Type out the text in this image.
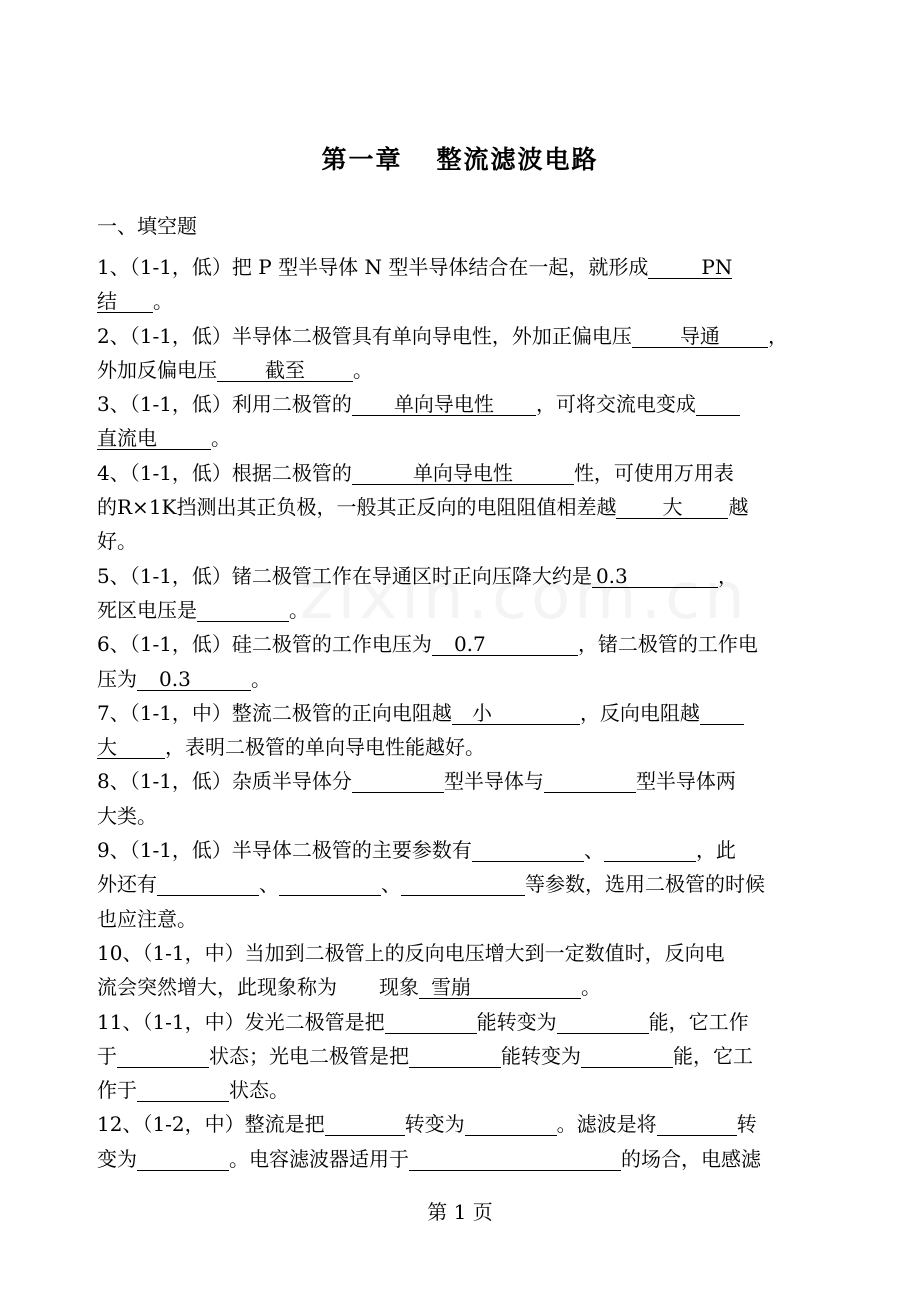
第一章 整流滤波电路
一、填空题
1、（1-1，低）把 P 型半导体 N 型半导体结合在一起，就形成	PN
结 。
2、（1-1，低）半导体二极管具有单向导电性，外加正偏电压 导通 ，
外加反偏电压 截至 。
3、（1-1，低）利用二极管的 单向导电性 ，可将交流电变成
直流电	。
4、（1-1，低）根据二极管的	单向导电性	性，可使用万用表
的R×1K挡测出其正负极，一般其正反向的电阻阻值相差越 大 越
好。
5、（1-1，低）锗二极管工作在导通区时正向压降大约是 0.3	，
死区电压是	。
6、（1-1，低）硅二极管的工作电压为 0.7	，锗二极管的工作电
压为 0.3	。
7、（1-1，中）整流二极管的正向电阻越 小	，反向电阻越
大 ，表明二极管的单向导电性能越好。
8、（1-1，低）杂质半导体分	型半导体与	型半导体两
大类。
9、（1-1，低）半导体二极管的主要参数有	、	，此
外还有	、	、	等参数，选用二极管的时候
也应注意。
10、（1-1，中）当加到二极管上的反向电压增大到一定数值时，反向电
流会突然增大，此现象称为 现象 雪崩	。
11、（1-1，中）发光二极管是把	能转变为	能，它工作
于	状态；光电二极管是把	能转变为	能，它工
作于	状态。
12、（1-2，中）整流是把	转变为	。滤波是将	转
变为	。电容滤波器适用于	的场合，电感滤
第 1 页
